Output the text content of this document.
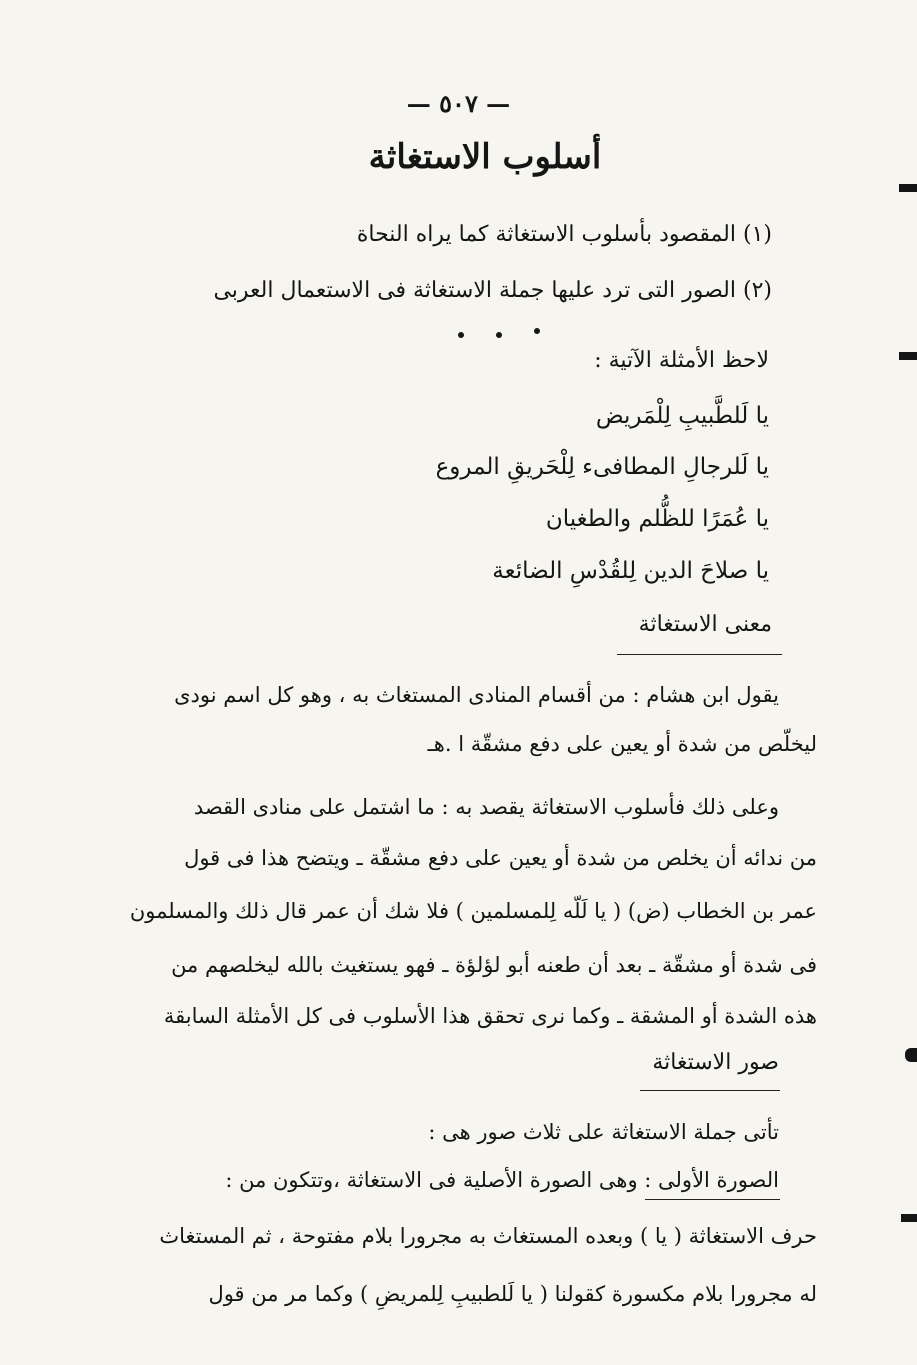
— ٥٠٧ —
أسلوب الاستغاثة
(١) المقصود بأسلوب الاستغاثة كما يراه النحاة
(٢) الصور التى ترد عليها جملة الاستغاثة فى الاستعمال العربى
لاحظ الأمثلة الآتية :
يا لَلطَّبيبِ لِلْمَريض
يا لَلرجالِ المطافىء لِلْحَريقِ المروع
يا عُمَرًا للظُّلم والطغيان
يا صلاحَ الدين لِلقُدْسِ الضائعة
معنى الاستغاثة
يقول ابن هشام : من أقسام المنادى المستغاث به ، وهو كل اسم نودى
ليخلّص من شدة أو يعين على دفع مشقّة ا .هـ
وعلى ذلك فأسلوب الاستغاثة يقصد به : ما اشتمل على منادى القصد
من ندائه أن يخلص من شدة أو يعين على دفع مشقّة ـ ويتضح هذا فى قول
عمر بن الخطاب (ض) ( يا لَلّه لِلمسلمين ) فلا شك أن عمر قال ذلك والمسلمون
فى شدة أو مشقّة ـ بعد أن طعنه أبو لؤلؤة ـ فهو يستغيث بالله ليخلصهم من
هذه الشدة أو المشقة ـ وكما نرى تحقق هذا الأسلوب فى كل الأمثلة السابقة
صور الاستغاثة
تأتى جملة الاستغاثة على ثلاث صور هى :
الصورة الأولى : وهى الصورة الأصلية فى الاستغاثة ،وتتكون من :
حرف الاستغاثة ( يا ) وبعده المستغاث به مجرورا بلام مفتوحة ، ثم المستغاث
له مجرورا بلام مكسورة كقولنا ( يا لَلطبيبِ لِلمريضِ ) وكما مر من قول
